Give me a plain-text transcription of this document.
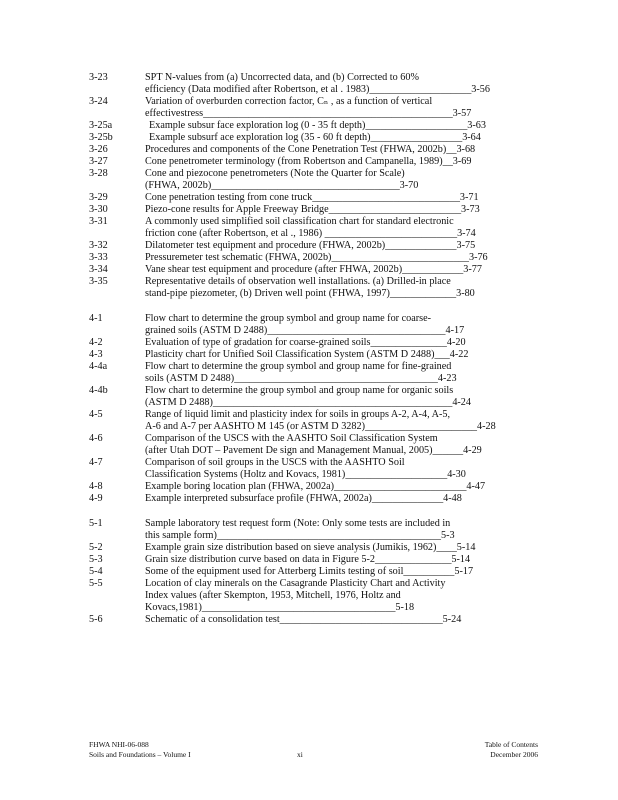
3-23	SPT N-values from (a) Uncorrected data, and (b) Corrected to 60%
efficiency (Data modified after Robertson, et al . 1983)____________________3-56
3-24	Variation of overburden correction factor, Cₙ , as a function of vertical
effectivestress_________________________________________________3-57
3-25a	Example subsur face exploration log (0 - 35 ft depth)____________________3-63
3-25b	Example subsurf ace exploration log (35 - 60 ft depth)__________________3-64
3-26	Procedures and components of the Cone Penetration Test (FHWA, 2002b)__3-68
3-27	Cone penetrometer terminology (from Robertson and Campanella, 1989)__3-69
3-28	Cone and piezocone penetrometers (Note the Quarter for Scale)
(FHWA, 2002b)_____________________________________3-70
3-29	Cone penetration testing from cone truck_____________________________3-71
3-30	Piezo-cone results for Apple Freeway Bridge__________________________3-73
3-31	A commonly used simplified soil classification chart for standard electronic
friction cone (after Robertson, et al ., 1986) __________________________3-74
3-32	Dilatometer test equipment and procedure (FHWA, 2002b)______________3-75
3-33	Pressuremeter test schematic (FHWA, 2002b)___________________________3-76
3-34	Vane shear test equipment and procedure (after FHWA, 2002b)____________3-77
3-35	Representative details of observation well installations. (a) Drilled-in place
stand-pipe piezometer, (b) Driven well point (FHWA, 1997)_____________3-80
4-1	Flow chart to determine the group symbol and group name for coarse-
grained soils (ASTM D 2488)___________________________________4-17
4-2	Evaluation of type of gradation for coarse-grained soils_______________4-20
4-3	Plasticity chart for Unified Soil Classification System (ASTM D 2488)___4-22
4-4a	Flow chart to determine the group symbol and group name for fine-grained
soils (ASTM D 2488)________________________________________4-23
4-4b	Flow chart to determine the group symbol and group name for organic soils
(ASTM D 2488)_______________________________________________4-24
4-5	Range of liquid limit and plasticity index for soils in groups A-2, A-4, A-5,
A-6 and A-7 per AASHTO M 145 (or ASTM D 3282)______________________4-28
4-6	Comparison of the USCS with the AASHTO Soil Classification System
(after Utah DOT – Pavement De sign and Management Manual, 2005)______4-29
4-7	Comparison of soil groups in the USCS with the AASHTO Soil
Classification Systems (Holtz and Kovacs, 1981)____________________4-30
4-8	Example boring location plan (FHWA, 2002a)__________________________4-47
4-9	Example interpreted subsurface profile (FHWA, 2002a)______________4-48
5-1	Sample laboratory test request form (Note: Only some tests are included in
this sample form)____________________________________________5-3
5-2	Example grain size distribution based on sieve analysis (Jumikis, 1962)____5-14
5-3	Grain size distribution curve based on data in Figure 5-2_______________5-14
5-4	Some of the equipment used for Atterberg Limits testing of soil__________5-17
5-5	Location of clay minerals on the Casagrande Plasticity Chart and Activity
Index values (after Skempton, 1953, Mitchell, 1976, Holtz and
Kovacs,1981)______________________________________5-18
5-6	Schematic of a consolidation test________________________________5-24
FHWA NHI-06-088
Soils and Foundations – Volume I	xi
Table of Contents
December 2006
